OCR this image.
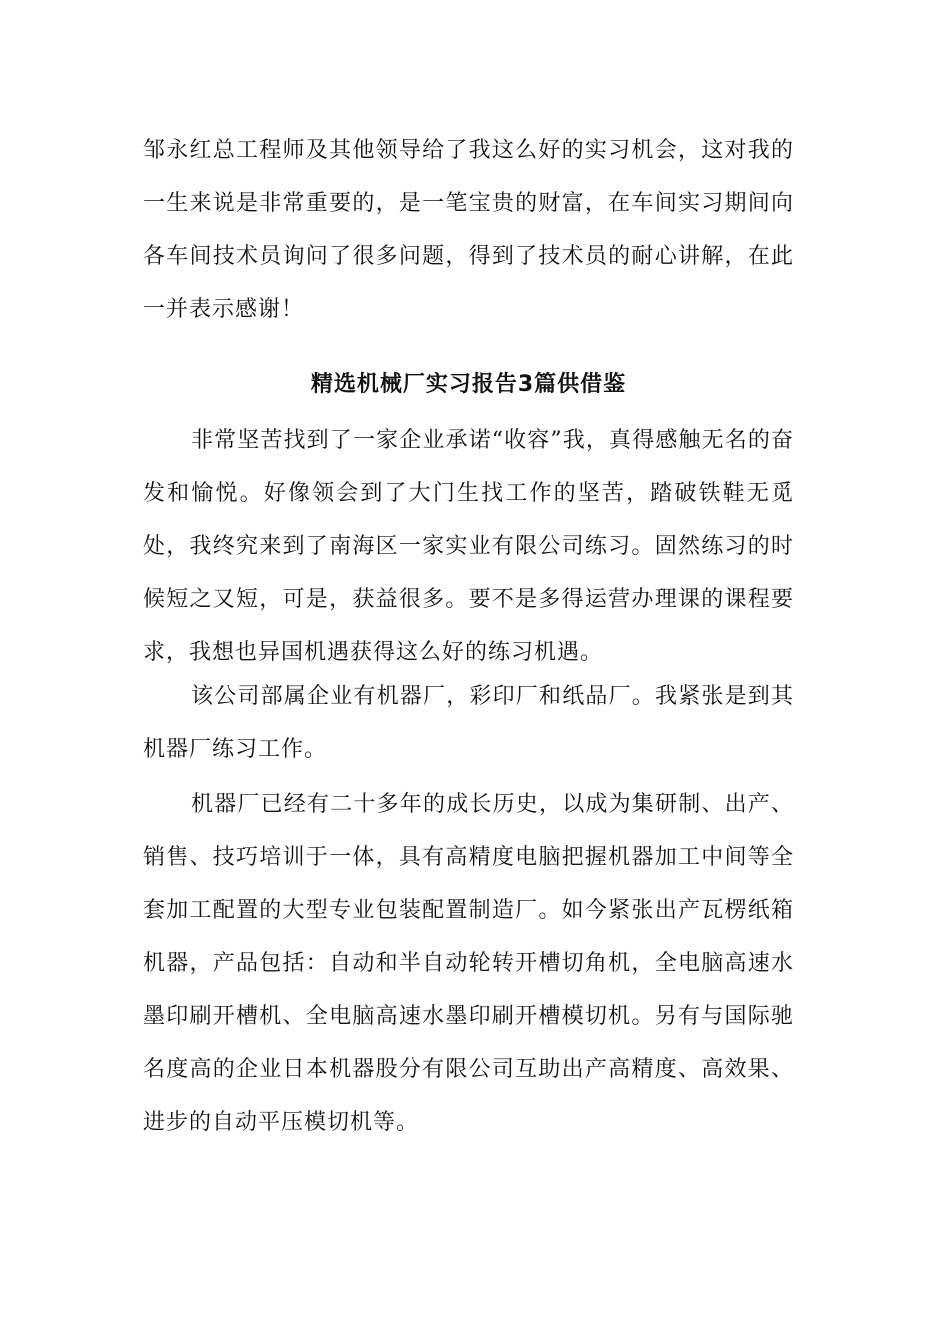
邹永红总工程师及其他领导给了我这么好的实习机会，这对我的一生来说是非常重要的，是一笔宝贵的财富，在车间实习期间向各车间技术员询问了很多问题，得到了技术员的耐心讲解，在此一并表示感谢！

精选机械厂实习报告3篇供借鉴

非常坚苦找到了一家企业承诺“收容”我，真得感触无名的奋发和愉悦。好像领会到了大门生找工作的坚苦，踏破铁鞋无觅处，我终究来到了南海区一家实业有限公司练习。固然练习的时候短之又短，可是，获益很多。要不是多得运营办理课的课程要求，我想也异国机遇获得这么好的练习机遇。

该公司部属企业有机器厂，彩印厂和纸品厂。我紧张是到其机器厂练习工作。

机器厂已经有二十多年的成长历史，以成为集研制、出产、销售、技巧培训于一体，具有高精度电脑把握机器加工中间等全套加工配置的大型专业包装配置制造厂。如今紧张出产瓦楞纸箱机器，产品包括：自动和半自动轮转开槽切角机，全电脑高速水墨印刷开槽机、全电脑高速水墨印刷开槽模切机。另有与国际驰名度高的企业日本机器股分有限公司互助出产高精度、高效果、进步的自动平压模切机等。
